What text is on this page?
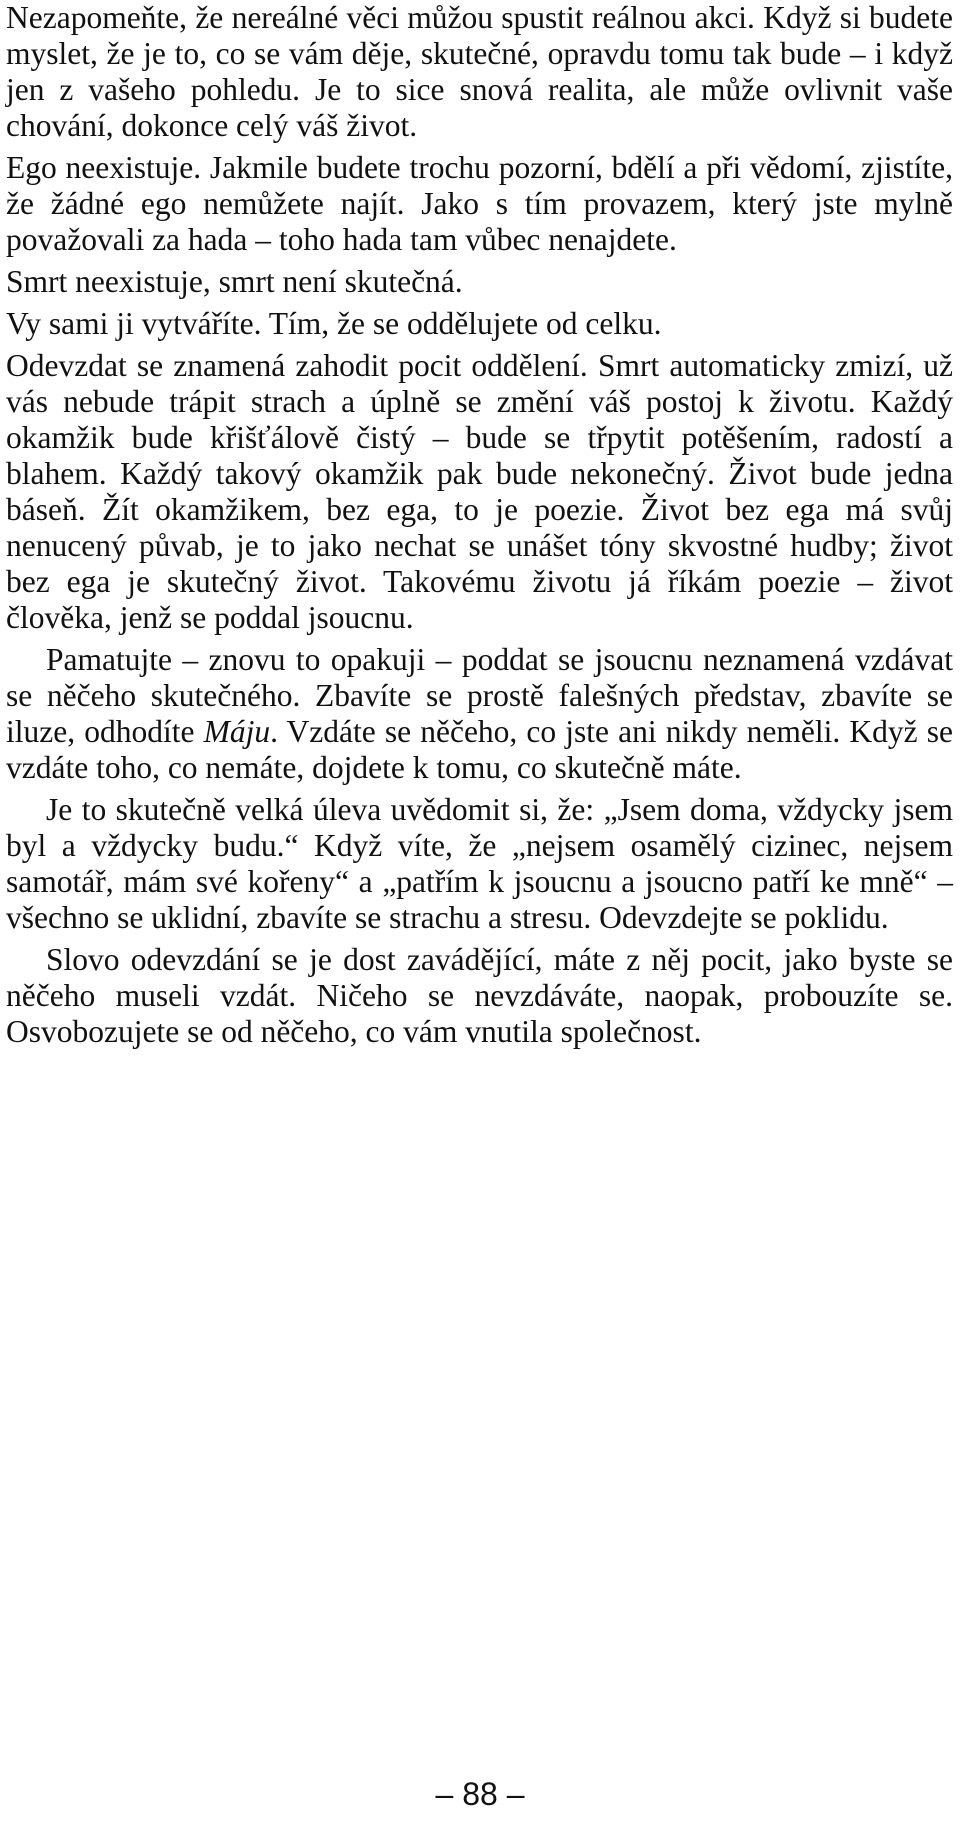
Nezapomeňte, že nereálné věci můžou spustit reálnou akci. Když si budete myslet, že je to, co se vám děje, skutečné, opravdu tomu tak bude – i když jen z vašeho pohledu. Je to sice snová realita, ale může ovlivnit vaše chování, dokonce celý váš život.

Ego neexistuje. Jakmile budete trochu pozorní, bdělí a při vědomí, zjistíte, že žádné ego nemůžete najít. Jako s tím provazem, který jste mylně považovali za hada – toho hada tam vůbec nenajdete.

Smrt neexistuje, smrt není skutečná.

Vy sami ji vytváříte. Tím, že se oddělujete od celku.

Odevzdat se znamená zahodit pocit oddělení. Smrt automaticky zmizí, už vás nebude trápit strach a úplně se změní váš postoj k životu. Každý okamžik bude křišťálově čistý – bude se třpytit potěšením, radostí a blahem. Každý takový okamžik pak bude nekonečný. Život bude jedna báseň. Žít okamžikem, bez ega, to je poezie. Život bez ega má svůj nenucený půvab, je to jako nechat se unášet tóny skvostné hudby; život bez ega je skutečný život. Takovému životu já říkám poezie – život člověka, jenž se poddal jsoucnu.

Pamatujte – znovu to opakuji – poddat se jsoucnu neznamená vzdávat se něčeho skutečného. Zbavíte se prostě falešných představ, zbavíte se iluze, odhodíte Máju. Vzdáte se něčeho, co jste ani nikdy neměli. Když se vzdáte toho, co nemáte, dojdete k tomu, co skutečně máte.

Je to skutečně velká úleva uvědomit si, že: „Jsem doma, vždycky jsem byl a vždycky budu.“ Když víte, že „nejsem osamělý cizinec, nejsem samotář, mám své kořeny“ a „patřím k jsoucnu a jsoucno patří ke mně“ – všechno se uklidní, zbavíte se strachu a stresu. Odevzdejte se poklidu.

Slovo odevzdání se je dost zavádějící, máte z něj pocit, jako byste se něčeho museli vzdát. Ničeho se nevzdáváte, naopak, probouzíte se. Osvobozujete se od něčeho, co vám vnutila společnost.

– 88 –
